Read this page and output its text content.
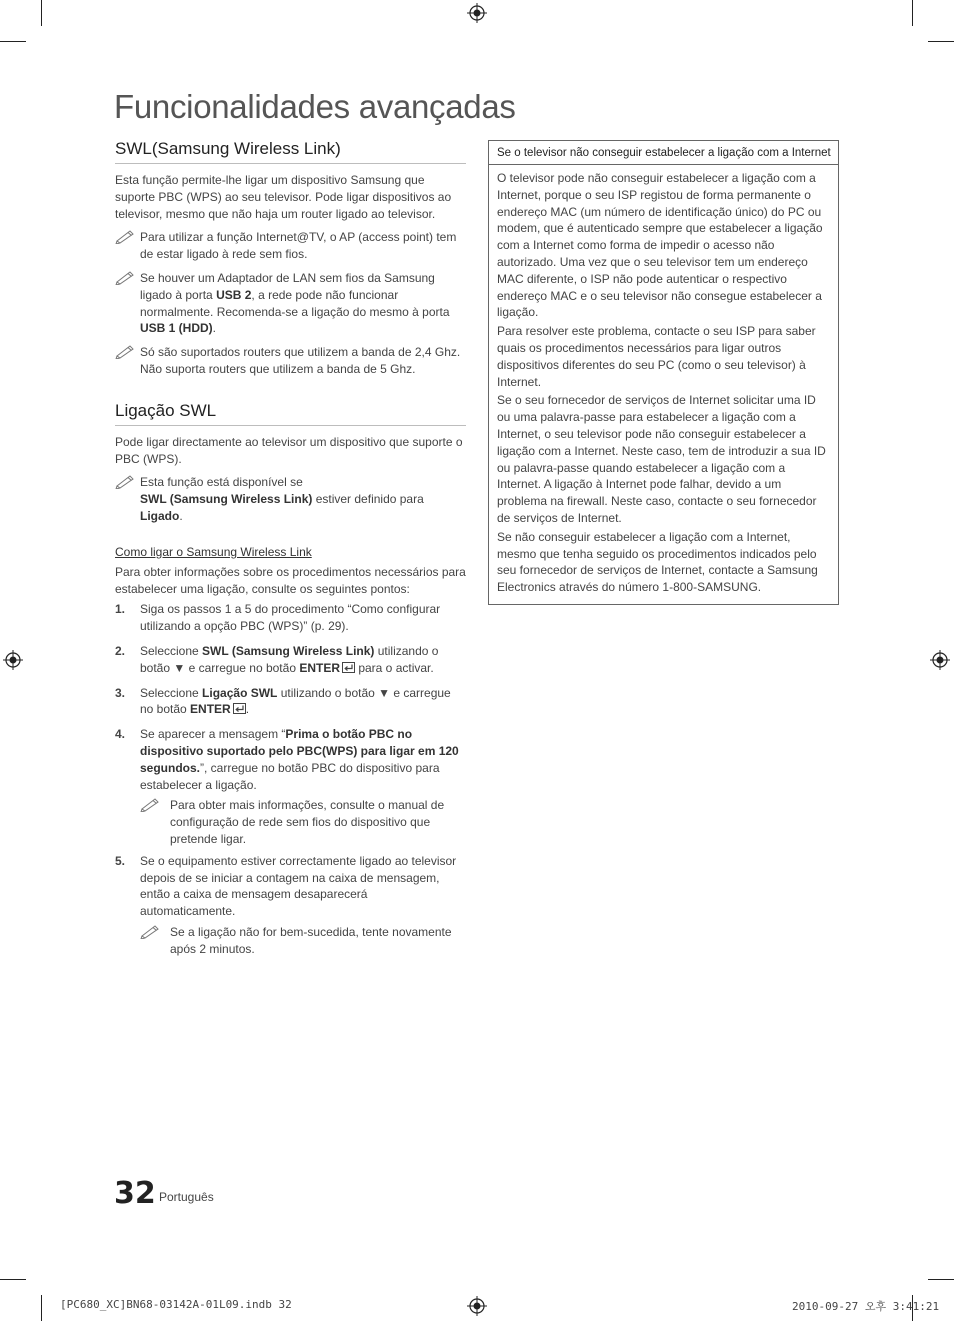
Funcionalidades avançadas
SWL(Samsung Wireless Link)
Esta função permite-lhe ligar um dispositivo Samsung que suporte PBC (WPS) ao seu televisor. Pode ligar dispositivos ao televisor, mesmo que não haja um router ligado ao televisor.
Para utilizar a função Internet@TV, o AP (access point) tem de estar ligado à rede sem fios.
Se houver um Adaptador de LAN sem fios da Samsung ligado à porta USB 2, a rede pode não funcionar normalmente. Recomenda-se a ligação do mesmo à porta USB 1 (HDD).
Só são suportados routers que utilizem a banda de 2,4 Ghz. Não suporta routers que utilizem a banda de 5 Ghz.
Ligação SWL
Pode ligar directamente ao televisor um dispositivo que suporte o PBC (WPS).
Esta função está disponível se
SWL (Samsung Wireless Link) estiver definido para Ligado.
Como ligar o Samsung Wireless Link
Para obter informações sobre os procedimentos necessários para estabelecer uma ligação, consulte os seguintes pontos:
1. Siga os passos 1 a 5 do procedimento “Como configurar utilizando a opção PBC (WPS)” (p. 29).
2. Seleccione SWL (Samsung Wireless Link) utilizando o botão ▼ e carregue no botão ENTER para o activar.
3. Seleccione Ligação SWL utilizando o botão ▼ e carregue no botão ENTER .
4. Se aparecer a mensagem “Prima o botão PBC no dispositivo suportado pelo PBC(WPS) para ligar em 120 segundos.”, carregue no botão PBC do dispositivo para estabelecer a ligação.
Para obter mais informações, consulte o manual de configuração de rede sem fios do dispositivo que pretende ligar.
5. Se o equipamento estiver correctamente ligado ao televisor depois de se iniciar a contagem na caixa de mensagem, então a caixa de mensagem desaparecerá automaticamente.
Se a ligação não for bem-sucedida, tente novamente após 2 minutos.
Se o televisor não conseguir estabelecer a ligação com a Internet
O televisor pode não conseguir estabelecer a ligação com a Internet, porque o seu ISP registou de forma permanente o endereço MAC (um número de identificação único) do PC ou modem, que é autenticado sempre que estabelecer a ligação com a Internet como forma de impedir o acesso não autorizado. Uma vez que o seu televisor tem um endereço MAC diferente, o ISP não pode autenticar o respectivo endereço MAC e o seu televisor não consegue estabelecer a ligação.
Para resolver este problema, contacte o seu ISP para saber quais os procedimentos necessários para ligar outros dispositivos diferentes do seu PC (como o seu televisor) à Internet.
Se o seu fornecedor de serviços de Internet solicitar uma ID ou uma palavra-passe para estabelecer a ligação com a Internet, o seu televisor pode não conseguir estabelecer a ligação com a Internet. Neste caso, tem de introduzir a sua ID ou palavra-passe quando estabelecer a ligação com a Internet. A ligação à Internet pode falhar, devido a um problema na firewall. Neste caso, contacte o seu fornecedor de serviços de Internet.
Se não conseguir estabelecer a ligação com a Internet, mesmo que tenha seguido os procedimentos indicados pelo seu fornecedor de serviços de Internet, contacte a Samsung Electronics através do número 1-800-SAMSUNG.
32 Português
[PC680_XC]BN68-03142A-01L09.indb 32	2010-09-27 오후 3:41:21
